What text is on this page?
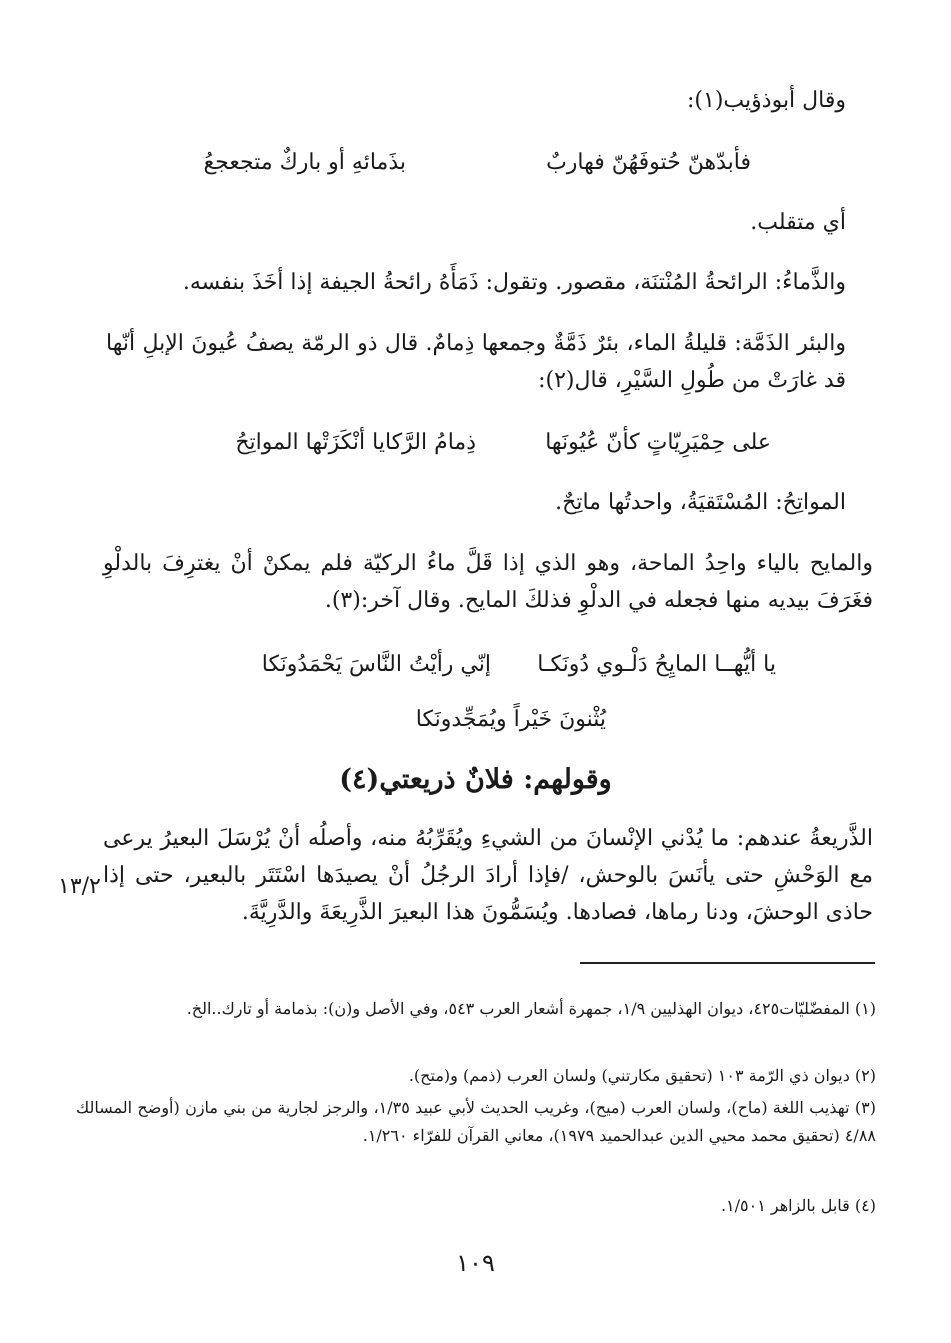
وقال أبوذؤيب(١):
فأبدّهنّ حُتوفَهُنّ فهاربٌ
بذَمائهِ أو باركٌ متجعجعُ
أي متقلب.
والذَّماءُ: الرائحةُ المُنْتنَة، مقصور. وتقول: ذَمَأَهُ رائحةُ الجيفة إذا أخَذَ بنفسه.
والبئر الذَمَّة: قليلةُ الماء، بئرٌ ذَمَّةٌ وجمعها ذِمامٌ. قال ذو الرمّة يصفُ عُيونَ الإبلِ أنّها قد غارَتْ من طُولِ السَّيْرِ، قال(٢):
على حِمْيَرِيّاتٍ كأنّ عُيُونَها
ذِمامُ الرَّكايا أنْكَزَتْها المواتِحُ
المواتِحُ: المُسْتَقيَةُ، واحدتُها ماتِحٌ.
والمايح بالياء واحِدُ الماحة، وهو الذي إذا قَلَّ ماءُ الركيّة فلم يمكنْ أنْ يغترِفَ بالدلْوِ فغَرَفَ بيديه منها فجعله في الدلْوِ فذلكَ المايح. وقال آخر:(٣).
يا أيُّهــا المايِحُ دَلْـوي دُونَكـا
إنّي رأيْتُ النَّاسَ يَحْمَدُونَكا
يُثْنونَ خَيْراً ويُمَجِّدونَكا
وقولهم: فلانٌ ذريعتي(٤)
الذَّريعةُ عندهم: ما يُدْني الإنْسانَ من الشيءِ ويُقَرِّبُهُ منه، وأصلُه أنْ يُرْسَلَ البعيرُ يرعى مع الوَحْشِ حتى يأنَسَ بالوحش، /فإذا أرادَ الرجُلُ أنْ يصيدَها اسْتَتَر بالبعير، حتى إذا حاذى الوحشَ، ودنا رماها، فصادها. ويُسَمُّونَ هذا البعيرَ الذَّرِيعَةَ والدَّرِيَّةَ.
١٣/٢
(١) المفضّليّات٤٢٥، ديوان الهذليين ١/٩، جمهرة أشعار العرب ٥٤٣، وفي الأصل و(ن): بذمامة أو تارك..الخ.
(٢) ديوان ذي الرّمة ١٠٣ (تحقيق مكارتني) ولسان العرب (ذمم) و(متح).
(٣) تهذيب اللغة (ماح)، ولسان العرب (ميح)، وغريب الحديث لأبي عبيد ١/٣٥، والرجز لجارية من بني مازن (أوضح المسالك ٤/٨٨ (تحقيق محمد محيي الدين عبدالحميد ١٩٧٩)، معاني القرآن للفرّاء ١/٢٦٠.
(٤) قابل بالزاهر ١/٥٠١.
١٠٩
